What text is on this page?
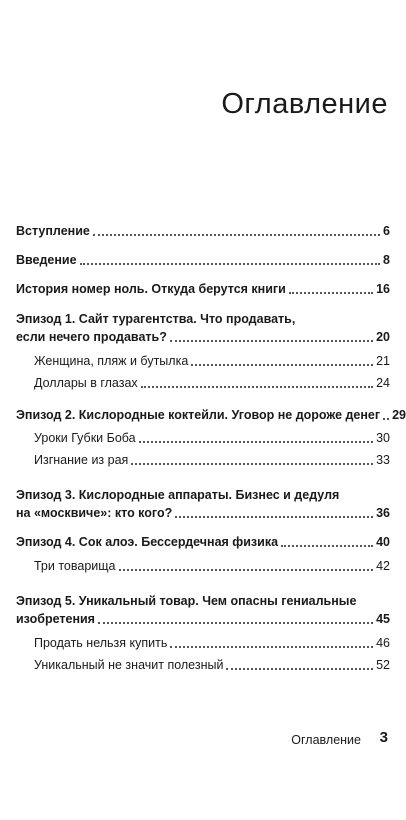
Оглавление
Вступление	6
Введение	8
История номер ноль. Откуда берутся книги	16
Эпизод 1. Сайт турагентства. Что продавать,
если нечего продавать?	20
Женщина, пляж и бутылка	21
Доллары в глазах	24
Эпизод 2. Кислородные коктейли. Уговор не дороже денег 29
Уроки Губки Боба	30
Изгнание из рая	33
Эпизод 3. Кислородные аппараты. Бизнес и дедуля
на «москвиче»: кто кого?	36
Эпизод 4. Сок алоэ. Бессердечная физика	40
Три товарища	42
Эпизод 5. Уникальный товар. Чем опасны гениальные
изобретения	45
Продать нельзя купить	46
Уникальный не значит полезный	52
Оглавление 3
